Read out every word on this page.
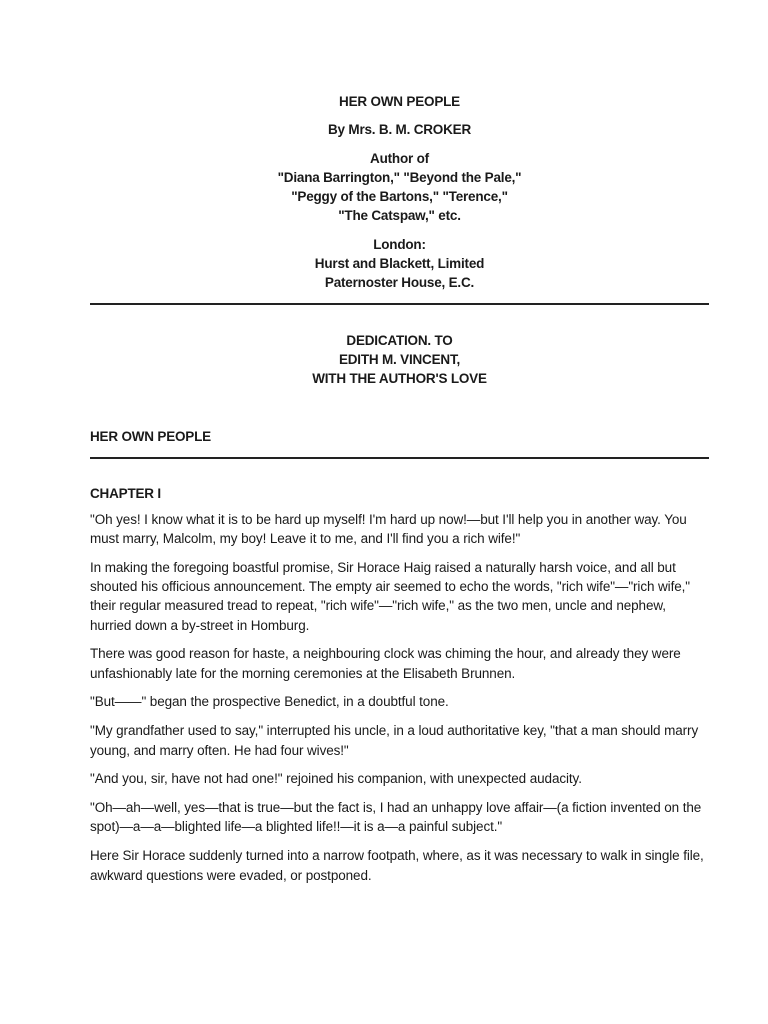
HER OWN PEOPLE
By Mrs. B. M. CROKER
Author of
"Diana Barrington," "Beyond the Pale,"
"Peggy of the Bartons," "Terence,"
"The Catspaw," etc.
London:
Hurst and Blackett, Limited
Paternoster House, E.C.
DEDICATION. TO
EDITH M. VINCENT,
WITH THE AUTHOR'S LOVE
HER OWN PEOPLE
CHAPTER I

"Oh yes! I know what it is to be hard up myself! I'm hard up now!—but I'll help you in another way. You must marry, Malcolm, my boy! Leave it to me, and I'll find you a rich wife!"

In making the foregoing boastful promise, Sir Horace Haig raised a naturally harsh voice, and all but shouted his officious announcement. The empty air seemed to echo the words, "rich wife"—"rich wife," their regular measured tread to repeat, "rich wife"—"rich wife," as the two men, uncle and nephew, hurried down a by-street in Homburg.

There was good reason for haste, a neighbouring clock was chiming the hour, and already they were unfashionably late for the morning ceremonies at the Elisabeth Brunnen.

"But——" began the prospective Benedict, in a doubtful tone.

"My grandfather used to say," interrupted his uncle, in a loud authoritative key, "that a man should marry young, and marry often. He had four wives!"

"And you, sir, have not had one!" rejoined his companion, with unexpected audacity.

"Oh—ah—well, yes—that is true—but the fact is, I had an unhappy love affair—(a fiction invented on the spot)—a—a—blighted life—a blighted life!!—it is a—a painful subject."

Here Sir Horace suddenly turned into a narrow footpath, where, as it was necessary to walk in single file, awkward questions were evaded, or postponed.
